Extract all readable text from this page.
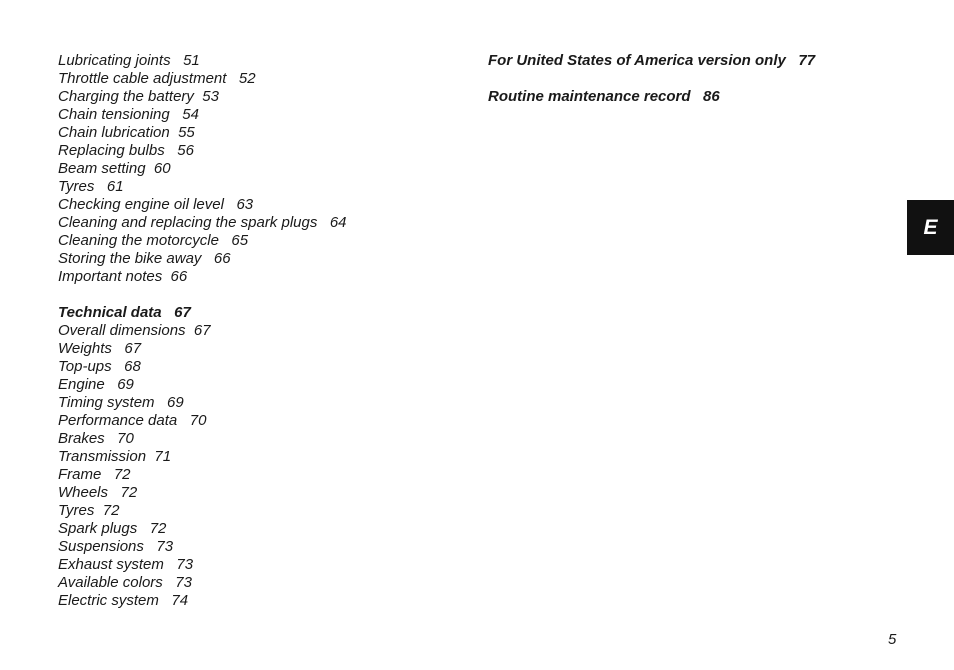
Lubricating joints   51
Throttle cable adjustment   52
Charging the battery  53
Chain tensioning   54
Chain lubrication  55
Replacing bulbs   56
Beam setting  60
Tyres   61
Checking engine oil level   63
Cleaning and replacing the spark plugs   64
Cleaning the motorcycle   65
Storing the bike away   66
Important notes  66
Technical data   67
Overall dimensions  67
Weights   67
Top-ups   68
Engine   69
Timing system   69
Performance data   70
Brakes   70
Transmission  71
Frame   72
Wheels   72
Tyres  72
Spark plugs   72
Suspensions   73
Exhaust system   73
Available colors   73
Electric system   74
For United States of America version only   77
Routine maintenance record   86
E
5
